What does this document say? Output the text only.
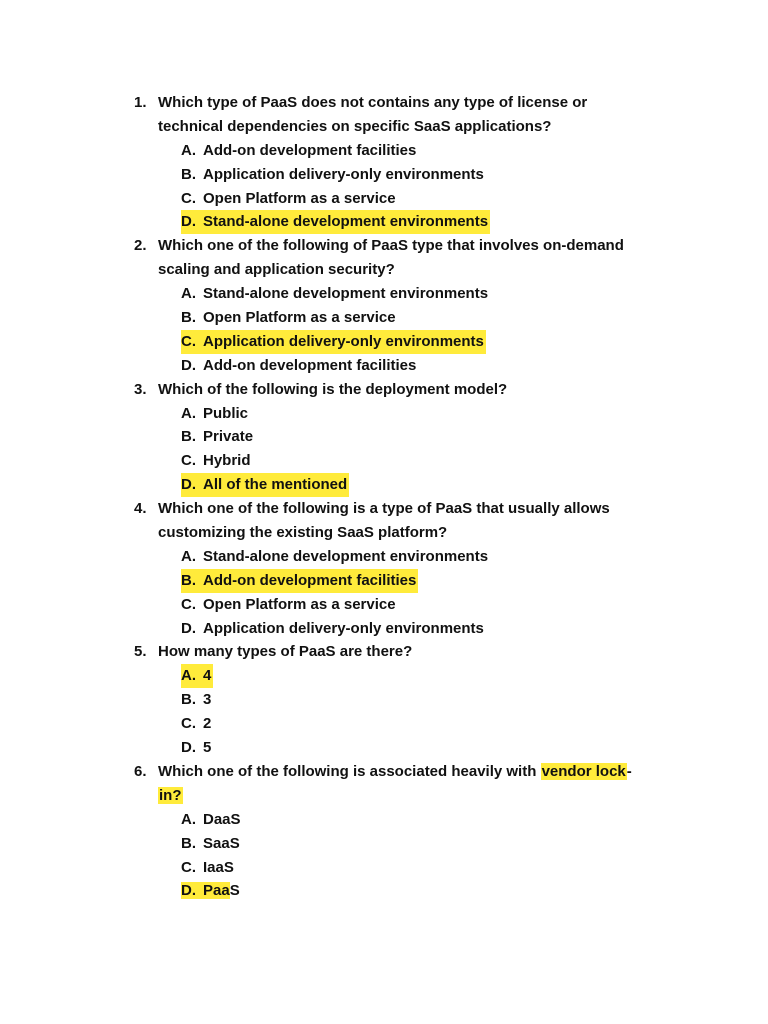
1. Which type of PaaS does not contains any type of license or
technical dependencies on specific SaaS applications?
A. Add-on development facilities
B. Application delivery-only environments
C. Open Platform as a service
D. Stand-alone development environments
2. Which one of the following of PaaS type that involves on-demand
scaling and application security?
A. Stand-alone development environments
B. Open Platform as a service
C. Application delivery-only environments
D. Add-on development facilities
3. Which of the following is the deployment model?
A. Public
B. Private
C. Hybrid
D. All of the mentioned
4. Which one of the following is a type of PaaS that usually allows
customizing the existing SaaS platform?
A. Stand-alone development environments
B. Add-on development facilities
C. Open Platform as a service
D. Application delivery-only environments
5. How many types of PaaS are there?
A. 4
B. 3
C. 2
D. 5
6. Which one of the following is associated heavily with vendor lock-
in?
A. DaaS
B. SaaS
C. IaaS
D. PaaS
